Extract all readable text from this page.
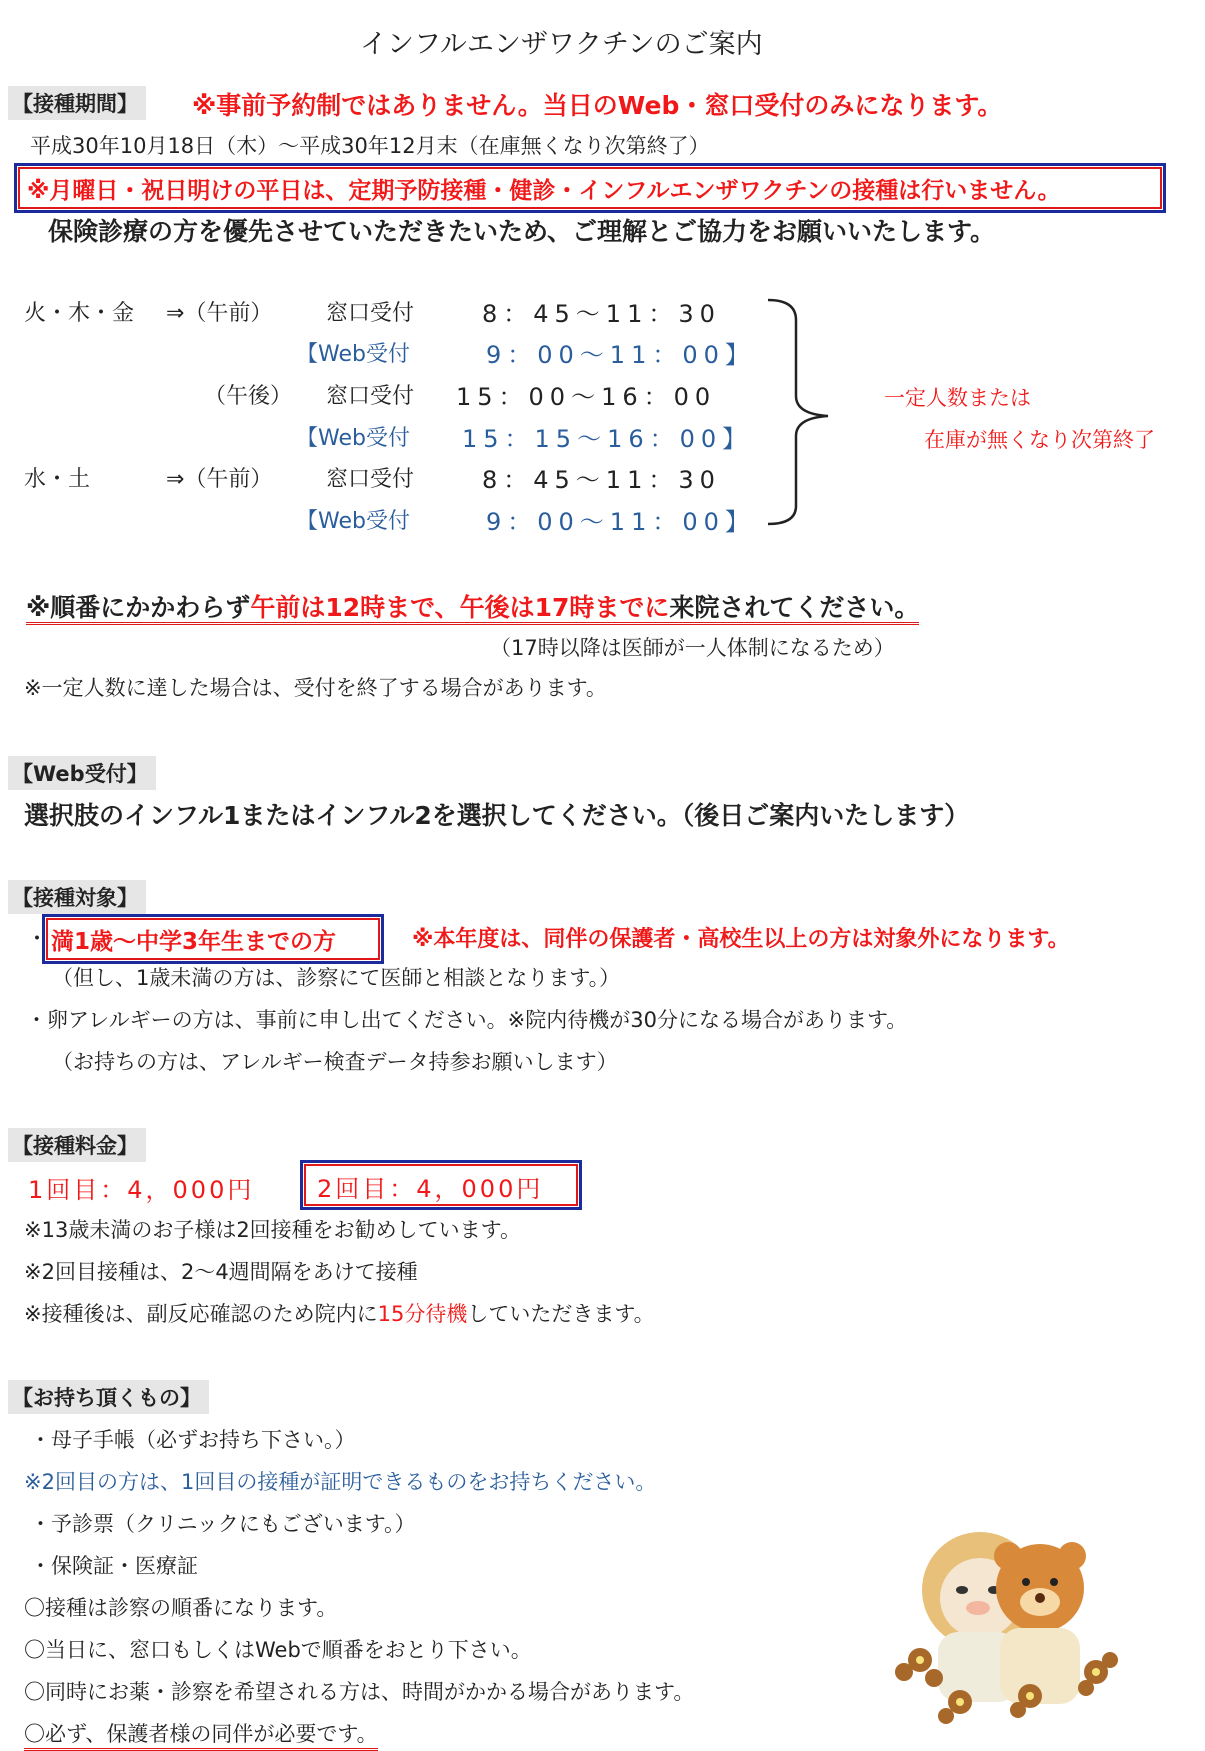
インフルエンザワクチンのご案内
【接種期間】	※事前予約制ではありません。当日のWeb・窓口受付のみになります。
平成30年10月18日（木）～平成30年12月末（在庫無くなり次第終了）
※月曜日・祝日明けの平日は、定期予防接種・健診・インフルエンザワクチンの接種は行いません。
保険診療の方を優先させていただきたいため、ご理解とご協力をお願いいたします。
火・木・金 ⇒（午前） 窓口受付	8：45～11：30
【Web受付	9：00～11：00】
（午後） 窓口受付 15：00～16：00
【Web受付 15：15～16：00】
水・土	⇒（午前） 窓口受付	8：45～11：30
【Web受付	9：00～11：00】
一定人数または
在庫が無くなり次第終了
※順番にかかわらず午前は12時まで、午後は17時までに来院されてください。
（17時以降は医師が一人体制になるため）
※一定人数に達した場合は、受付を終了する場合があります。
【Web受付】
選択肢のインフル1またはインフル2を選択してください。（後日ご案内いたします）
【接種対象】
・ 満1歳～中学3年生までの方	※本年度は、同伴の保護者・高校生以上の方は対象外になります。
（但し、1歳未満の方は、診察にて医師と相談となります。）
・卵アレルギーの方は、事前に申し出てください。※院内待機が30分になる場合があります。
（お持ちの方は、アレルギー検査データ持参お願いします）
【接種料金】
1回目：4，000円	2回目：4，000円
※13歳未満のお子様は2回接種をお勧めしています。
※2回目接種は、2～4週間隔をあけて接種
※接種後は、副反応確認のため院内に15分待機していただきます。
【お持ち頂くもの】
・母子手帳（必ずお持ち下さい。）
※2回目の方は、1回目の接種が証明できるものをお持ちください。
・予診票（クリニックにもございます。）
・保険証・医療証
〇接種は診察の順番になります。
〇当日に、窓口もしくはWebで順番をおとり下さい。
〇同時にお薬・診察を希望される方は、時間がかかる場合があります。
〇必ず、保護者様の同伴が必要です。
